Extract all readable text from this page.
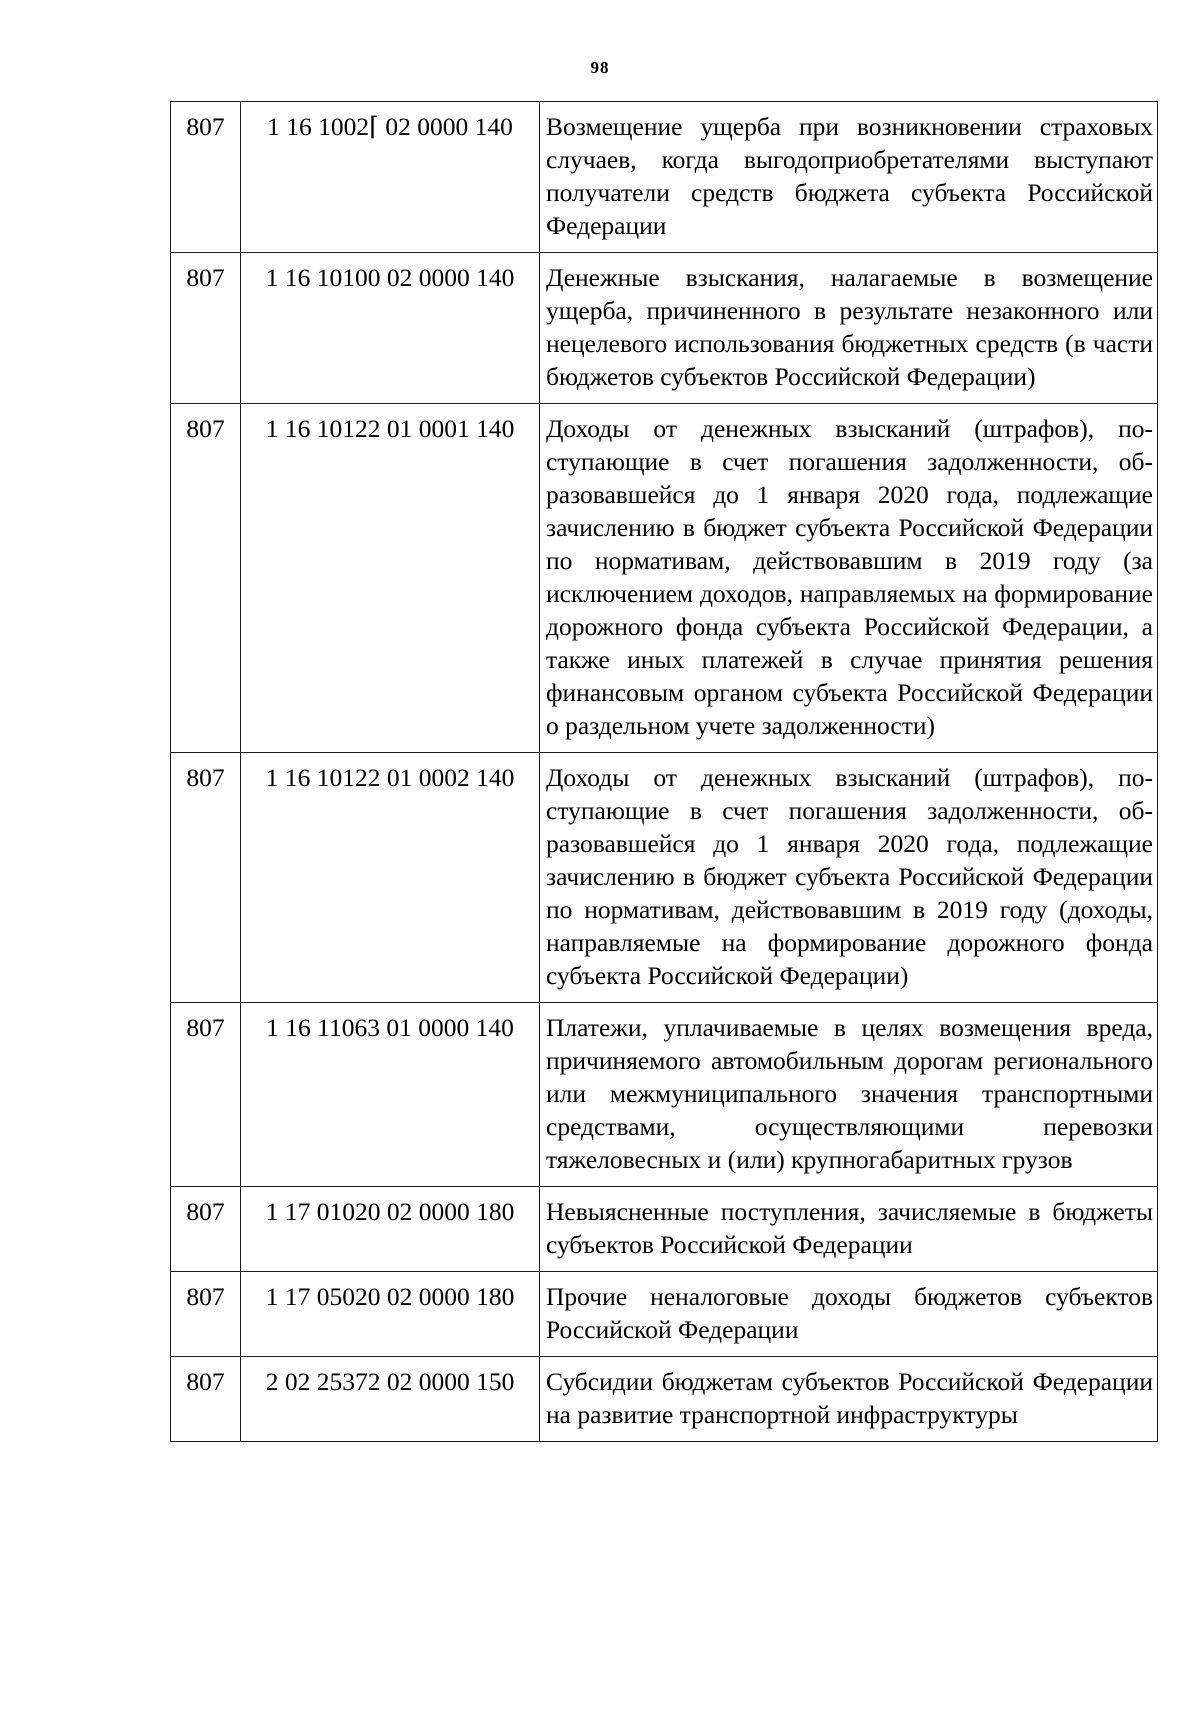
98
807	1 16 1002⌈ 02 0000 140	Возмещение ущерба при возникновении страховых случаев, когда выгодоприобретателями выступают получатели средств бюджета субъекта Российской Федерации
807	1 16 10100 02 0000 140	Денежные взыскания, налагаемые в возмещение ущерба, причиненного в результате незаконного или нецелевого использования бюджетных средств (в части бюджетов субъектов Российской Федерации)
807	1 16 10122 01 0001 140	Доходы от денежных взысканий (штрафов), поступающие в счет погашения задолженности, образовавшейся до 1 января 2020 года, подлежащие зачислению в бюджет субъекта Российской Федерации по нормативам, действовавшим в 2019 году (за исключением доходов, направляемых на формирование дорожного фонда субъекта Российской Федерации, а также иных платежей в случае принятия решения финансовым органом субъекта Российской Федерации о раздельном учете задолженности)
807	1 16 10122 01 0002 140	Доходы от денежных взысканий (штрафов), поступающие в счет погашения задолженности, образовавшейся до 1 января 2020 года, подлежащие зачислению в бюджет субъекта Российской Федерации по нормативам, действовавшим в 2019 году (доходы, направляемые на формирование дорожного фонда субъекта Российской Федерации)
807	1 16 11063 01 0000 140	Платежи, уплачиваемые в целях возмещения вреда, причиняемого автомобильным дорогам регионального или межмуниципального значения транспортными средствами, осуществляющими перевозки тяжеловесных и (или) крупногабаритных грузов
807	1 17 01020 02 0000 180	Невыясненные поступления, зачисляемые в бюджеты субъектов Российской Федерации
807	1 17 05020 02 0000 180	Прочие неналоговые доходы бюджетов субъектов Российской Федерации
807	2 02 25372 02 0000 150	Субсидии бюджетам субъектов Российской Федерации на развитие транспортной инфраструктуры
